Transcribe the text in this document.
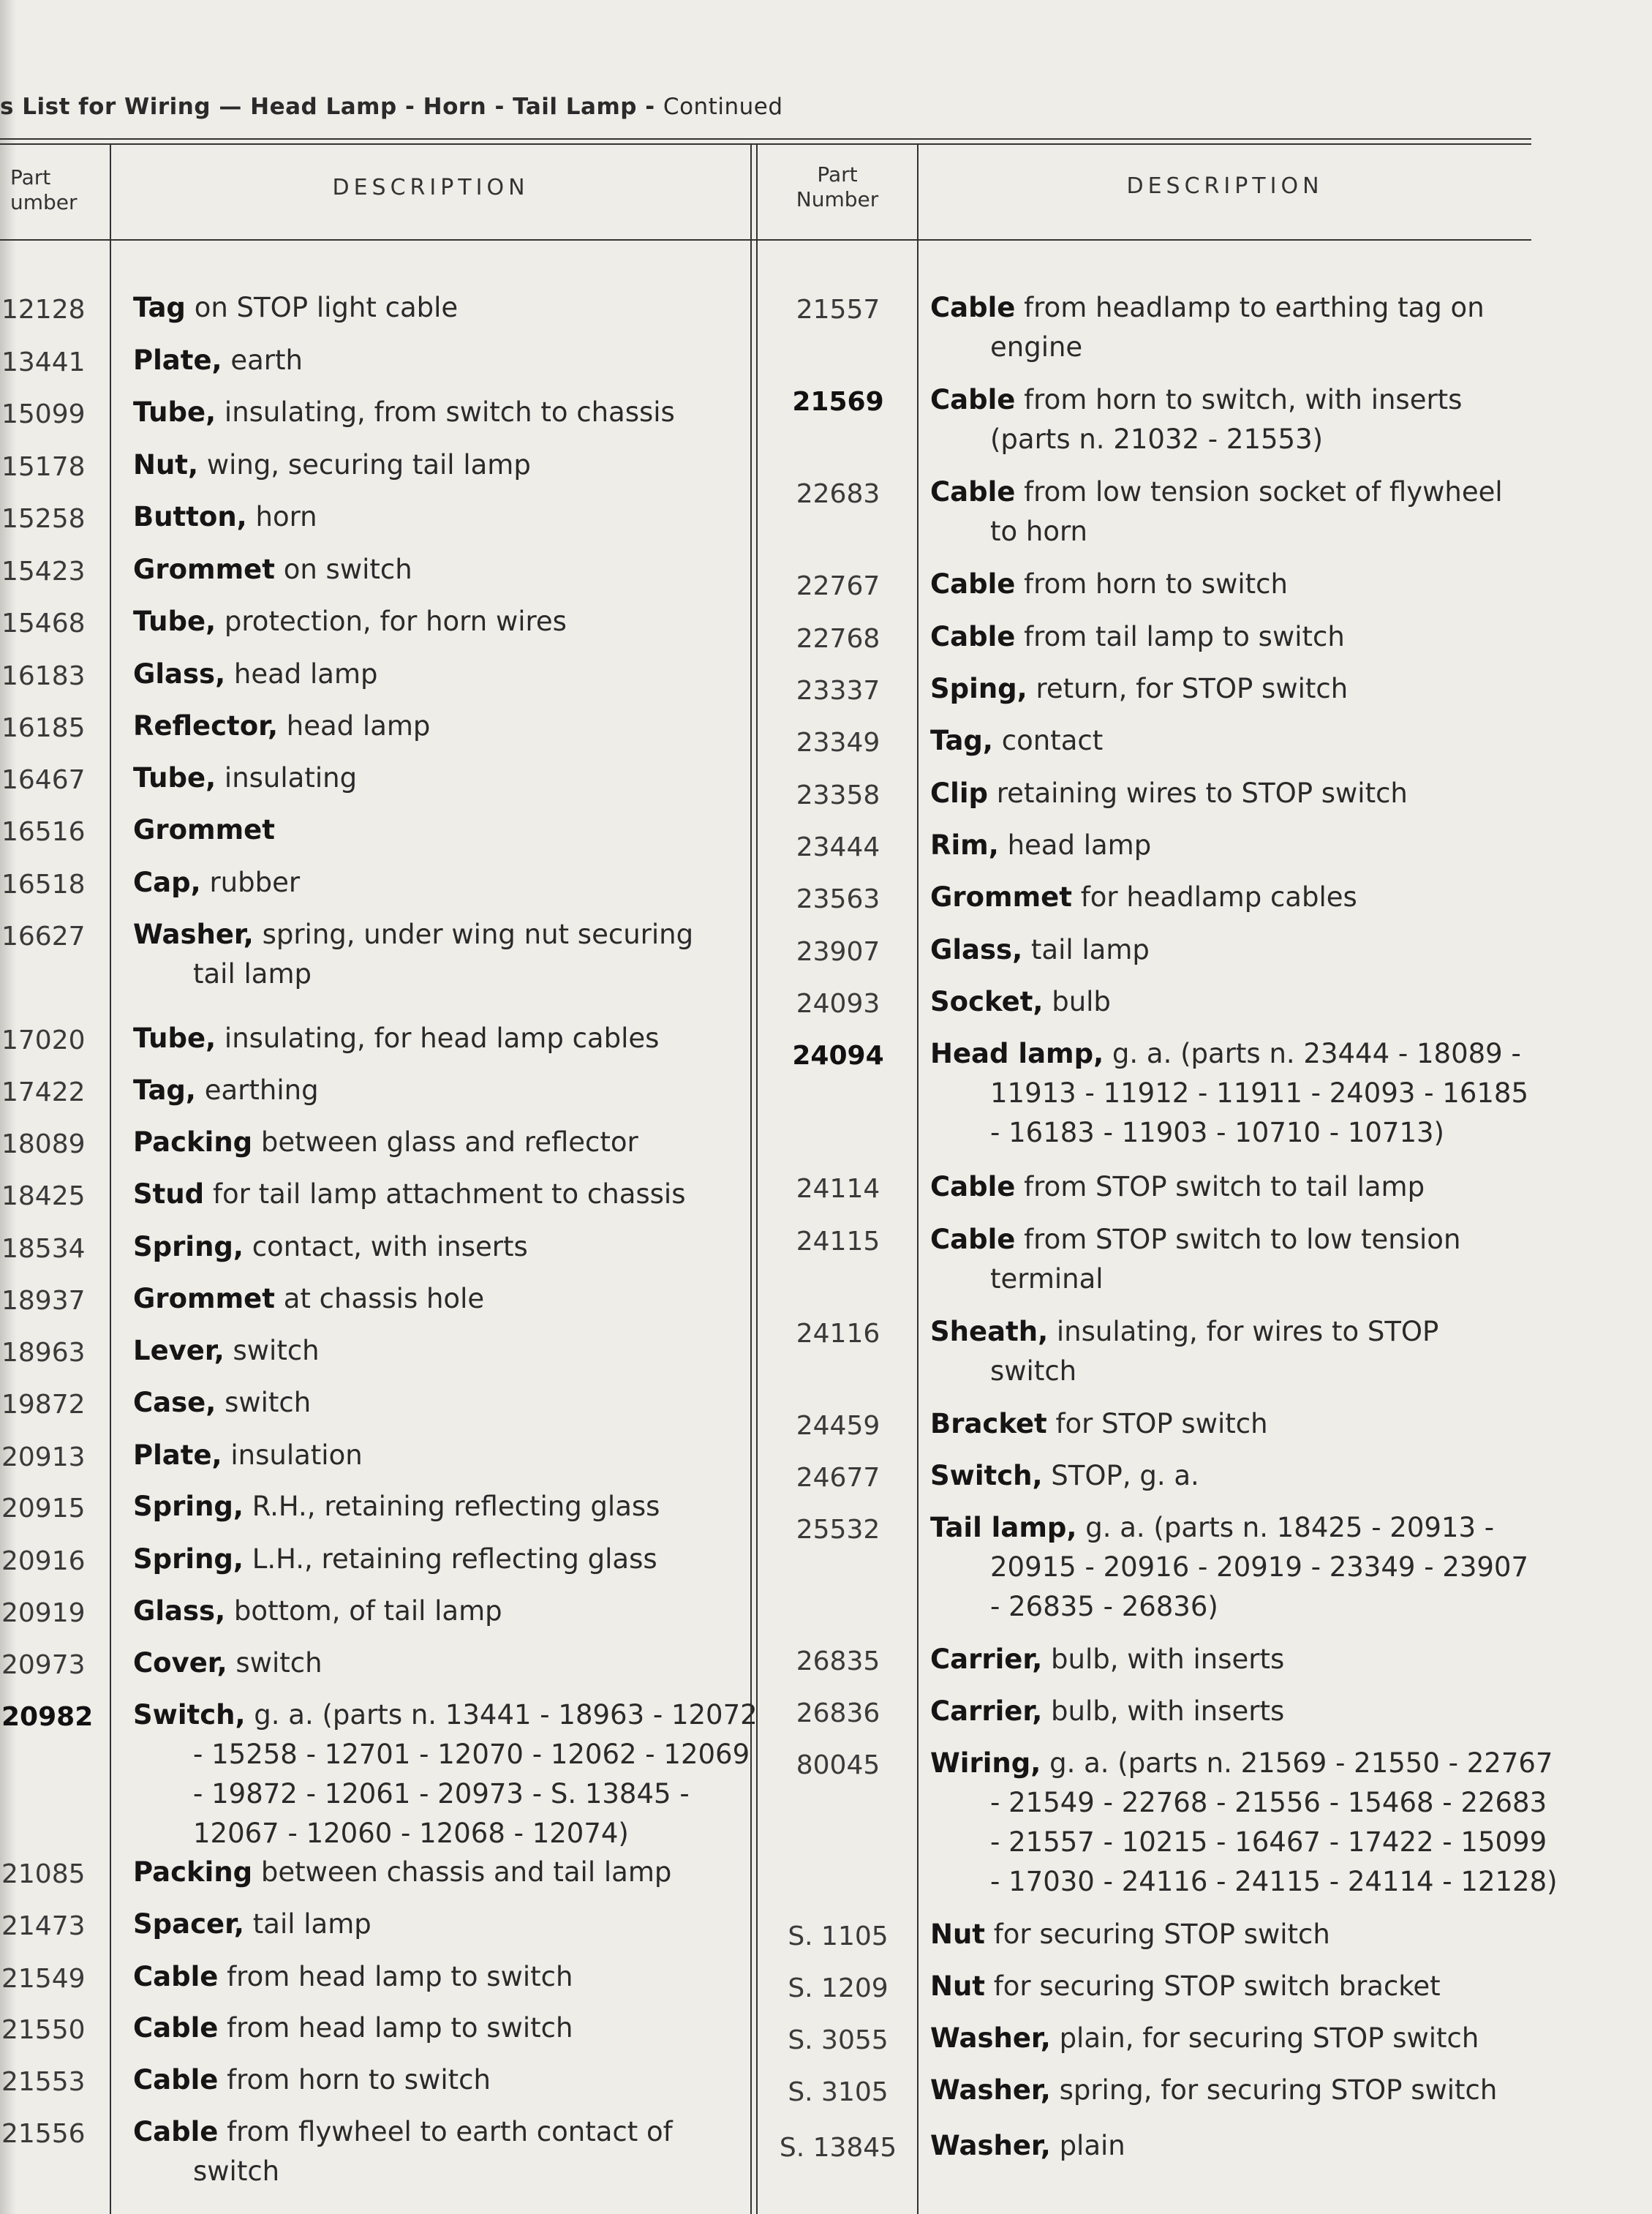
s List for Wiring — Head Lamp - Horn - Tail Lamp - Continued
Part
umber
DESCRIPTION
Part
Number
DESCRIPTION
12128 Tag on STOP light cable
13441 Plate, earth
15099 Tube, insulating, from switch to chassis
15178 Nut, wing, securing tail lamp
15258 Button, horn
15423 Grommet on switch
15468 Tube, protection, for horn wires
16183 Glass, head lamp
16185 Reflector, head lamp
16467 Tube, insulating
16516 Grommet
16518 Cap, rubber
16627 Washer, spring, under wing nut securing
tail lamp
17020 Tube, insulating, for head lamp cables
17422 Tag, earthing
18089 Packing between glass and reflector
18425 Stud for tail lamp attachment to chassis
18534 Spring, contact, with inserts
18937 Grommet at chassis hole
18963 Lever, switch
19872 Case, switch
20913 Plate, insulation
20915 Spring, R.H., retaining reflecting glass
20916 Spring, L.H., retaining reflecting glass
20919 Glass, bottom, of tail lamp
20973 Cover, switch
20982 Switch, g. a. (parts n. 13441 - 18963 - 12072
- 15258 - 12701 - 12070 - 12062 - 12069
- 19872 - 12061 - 20973 - S. 13845 -
12067 - 12060 - 12068 - 12074)
21085 Packing between chassis and tail lamp
21473 Spacer, tail lamp
21549 Cable from head lamp to switch
21550 Cable from head lamp to switch
21553 Cable from horn to switch
21556 Cable from flywheel to earth contact of
switch
21557	Cable from headlamp to earthing tag on
engine
21569	Cable from horn to switch, with inserts
(parts n. 21032 - 21553)
22683	Cable from low tension socket of flywheel
to horn
22767	Cable from horn to switch
22768	Cable from tail lamp to switch
23337	Sping, return, for STOP switch
23349	Tag, contact
23358	Clip retaining wires to STOP switch
23444	Rim, head lamp
23563	Grommet for headlamp cables
23907	Glass, tail lamp
24093	Socket, bulb
24094	Head lamp, g. a. (parts n. 23444 - 18089 -
11913 - 11912 - 11911 - 24093 - 16185
- 16183 - 11903 - 10710 - 10713)
24114	Cable from STOP switch to tail lamp
24115	Cable from STOP switch to low tension
terminal
24116	Sheath, insulating, for wires to STOP
switch
24459	Bracket for STOP switch
24677	Switch, STOP, g. a.
25532	Tail lamp, g. a. (parts n. 18425 - 20913 -
20915 - 20916 - 20919 - 23349 - 23907
- 26835 - 26836)
26835	Carrier, bulb, with inserts
26836	Carrier, bulb, with inserts
80045	Wiring, g. a. (parts n. 21569 - 21550 - 22767
- 21549 - 22768 - 21556 - 15468 - 22683
- 21557 - 10215 - 16467 - 17422 - 15099
- 17030 - 24116 - 24115 - 24114 - 12128)
S. 1105	Nut for securing STOP switch
S. 1209	Nut for securing STOP switch bracket
S. 3055	Washer, plain, for securing STOP switch
S. 3105	Washer, spring, for securing STOP switch
S. 13845	Washer, plain
